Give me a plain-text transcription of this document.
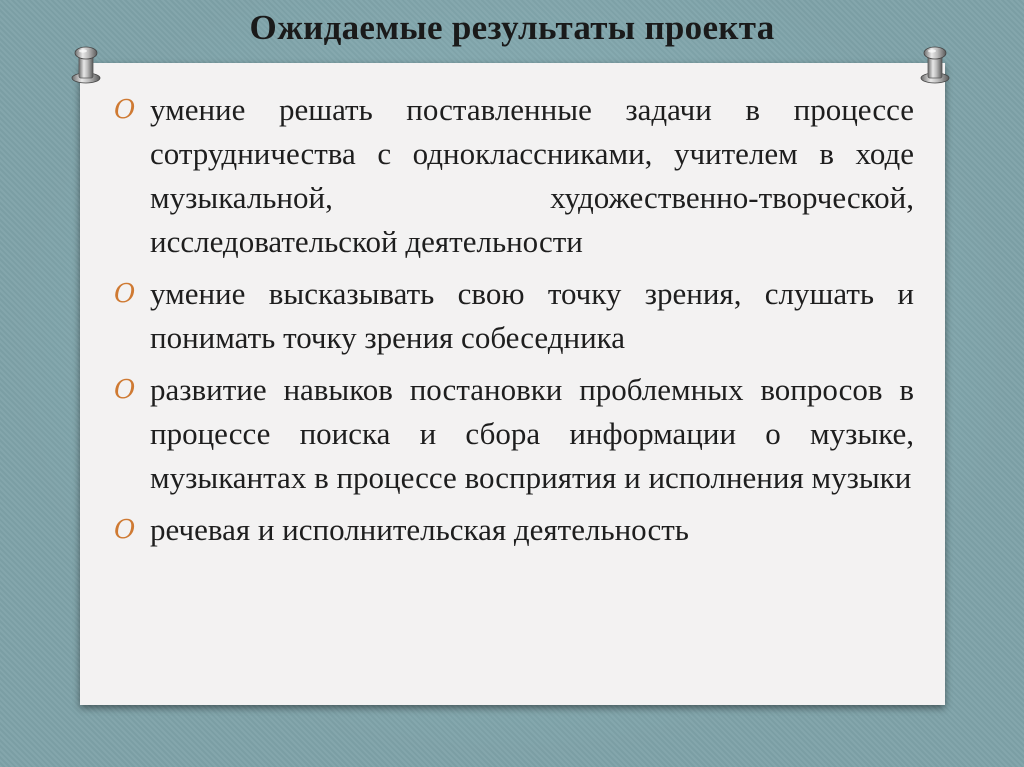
Ожидаемые результаты проекта
O умение решать поставленные задачи в процессе сотрудничества с одноклассниками, учителем в ходе музыкальной, художественно-творческой, исследовательской деятельности
O умение высказывать свою точку зрения, слушать и понимать точку зрения собеседника
O развитие навыков постановки проблемных вопросов в процессе поиска и сбора информации о музыке, музыкантах в процессе восприятия и исполнения музыки
O речевая и исполнительская деятельность
